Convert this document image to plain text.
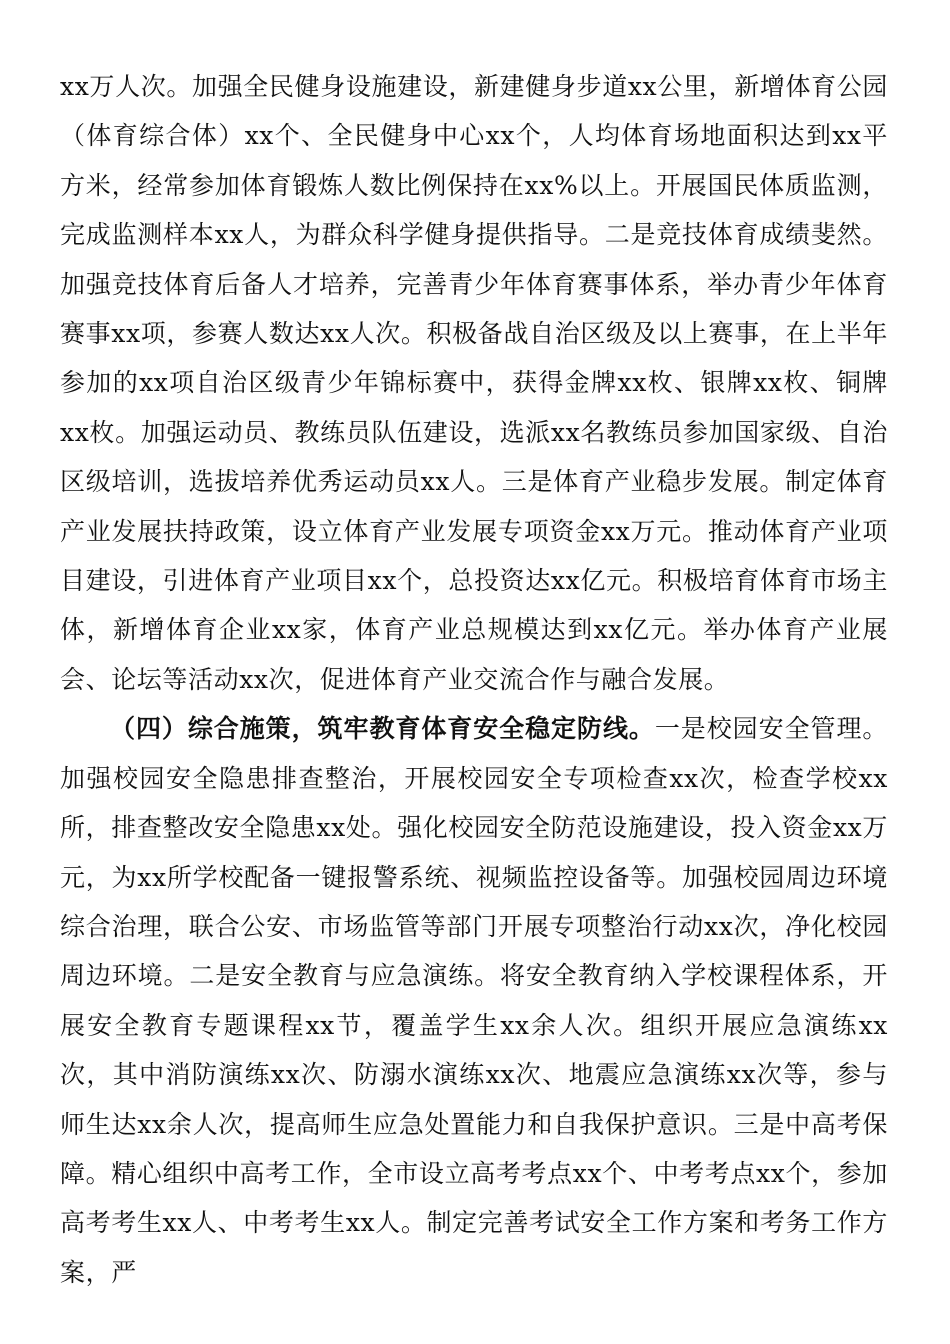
xx万人次。加强全民健身设施建设，新建健身步道xx公里，新增体育公园（体育综合体）xx个、全民健身中心xx个，人均体育场地面积达到xx平方米，经常参加体育锻炼人数比例保持在xx%以上。开展国民体质监测，完成监测样本xx人，为群众科学健身提供指导。二是竞技体育成绩斐然。加强竞技体育后备人才培养，完善青少年体育赛事体系，举办青少年体育赛事xx项，参赛人数达xx人次。积极备战自治区级及以上赛事，在上半年参加的xx项自治区级青少年锦标赛中，获得金牌xx枚、银牌xx枚、铜牌xx枚。加强运动员、教练员队伍建设，选派xx名教练员参加国家级、自治区级培训，选拔培养优秀运动员xx人。三是体育产业稳步发展。制定体育产业发展扶持政策，设立体育产业发展专项资金xx万元。推动体育产业项目建设，引进体育产业项目xx个，总投资达xx亿元。积极培育体育市场主体，新增体育企业xx家，体育产业总规模达到xx亿元。举办体育产业展会、论坛等活动xx次，促进体育产业交流合作与融合发展。

（四）综合施策，筑牢教育体育安全稳定防线。一是校园安全管理。加强校园安全隐患排查整治，开展校园安全专项检查xx次，检查学校xx所，排查整改安全隐患xx处。强化校园安全防范设施建设，投入资金xx万元，为xx所学校配备一键报警系统、视频监控设备等。加强校园周边环境综合治理，联合公安、市场监管等部门开展专项整治行动xx次，净化校园周边环境。二是安全教育与应急演练。将安全教育纳入学校课程体系，开展安全教育专题课程xx节，覆盖学生xx余人次。组织开展应急演练xx次，其中消防演练xx次、防溺水演练xx次、地震应急演练xx次等，参与师生达xx余人次，提高师生应急处置能力和自我保护意识。三是中高考保障。精心组织中高考工作，全市设立高考考点xx个、中考考点xx个，参加高考考生xx人、中考考生xx人。制定完善考试安全工作方案和考务工作方案，严
